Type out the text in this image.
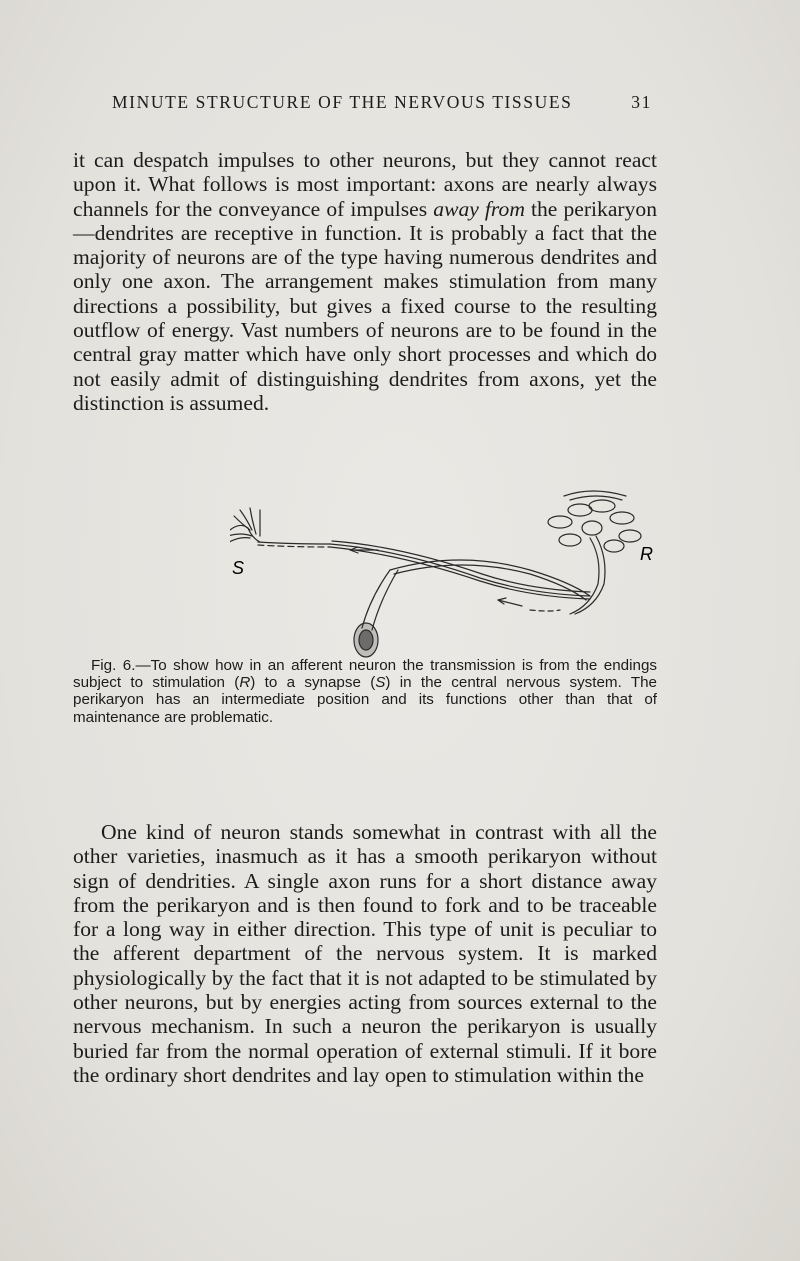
MINUTE STRUCTURE OF THE NERVOUS TISSUES	31

it can despatch impulses to other neurons, but they cannot react upon it. What follows is most important: axons are nearly always channels for the conveyance of impulses away from the perikaryon—dendrites are receptive in function. It is probably a fact that the majority of neurons are of the type having numerous dendrites and only one axon. The arrangement makes stimulation from many directions a possibility, but gives a fixed course to the resulting outflow of energy. Vast numbers of neurons are to be found in the central gray matter which have only short processes and which do not easily admit of distinguishing dendrites from axons, yet the distinction is assumed.

S
R

Fig. 6.—To show how in an afferent neuron the transmission is from the endings subject to stimulation (R) to a synapse (S) in the central nervous system. The perikaryon has an intermediate position and its functions other than that of maintenance are problematic.

One kind of neuron stands somewhat in contrast with all the other varieties, inasmuch as it has a smooth perikaryon without sign of dendrities. A single axon runs for a short distance away from the perikaryon and is then found to fork and to be traceable for a long way in either direction. This type of unit is peculiar to the afferent department of the nervous system. It is marked physiologically by the fact that it is not adapted to be stimulated by other neurons, but by energies acting from sources external to the nervous mechanism. In such a neuron the perikaryon is usually buried far from the normal operation of external stimuli. If it bore the ordinary short dendrites and lay open to stimulation within the
